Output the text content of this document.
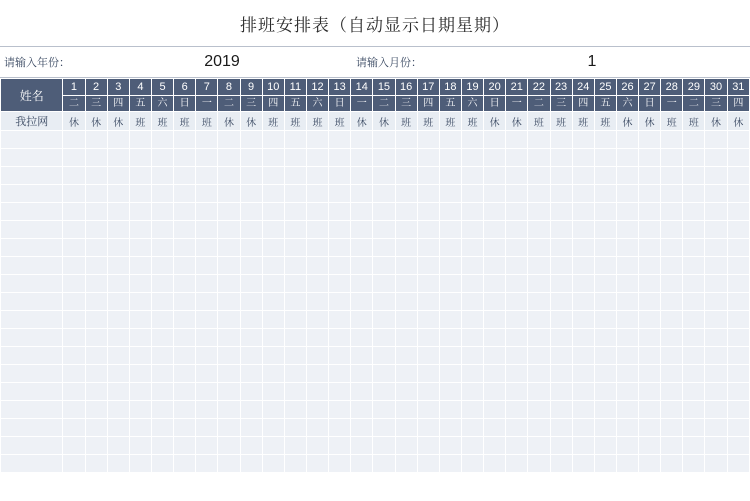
排班安排表（自动显示日期星期）
请输入年份：	2019	请输入月份：	1
姓名	1	2	3	4	5	6	7	8	9	10	11	12	13	14	15	16	17	18	19	20	21	22	23	24	25	26	27	28	29	30	31
	二	三	四	五	六	日	一	二	三	四	五	六	日	一	二	三	四	五	六	日	一	二	三	四	五	六	日	一	二	三	四
我拉网	休	休	休	班	班	班	班	休	休	班	班	班	班	休	休	班	班	班	班	休	休	班	班	班	班	休	休	班	班	休	休
